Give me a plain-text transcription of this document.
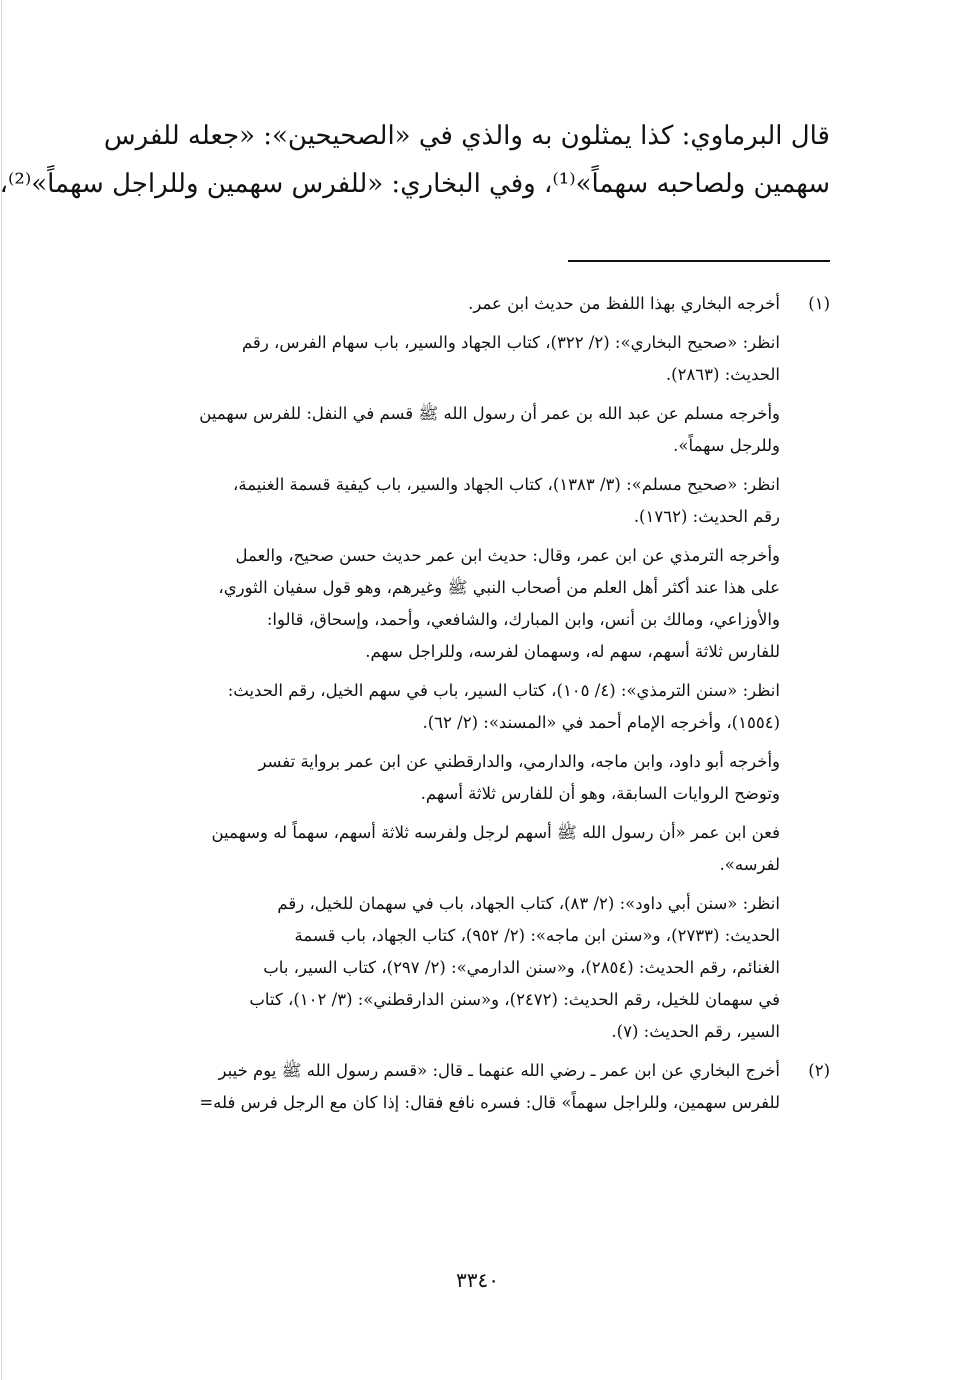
قال البرماوي: كذا يمثلون به والذي في «الصحيحين»: «جعله للفرس
سهمين ولصاحبه سهماً»⁽¹⁾، وفي البخاري: «للفرس سهمين وللراجل سهماً»⁽²⁾،
(١)
أخرجه البخاري بهذا اللفظ من حديث ابن عمر.
انظر: «صحيح البخاري»: (٢/ ٣٢٢)، كتاب الجهاد والسير، باب سهام الفرس، رقم
الحديث: (٢٨٦٣).
وأخرجه مسلم عن عبد الله بن عمر أن رسول الله ﷺ قسم في النفل: للفرس سهمين
وللرجل سهماً».
انظر: «صحيح مسلم»: (٣/ ١٣٨٣)، كتاب الجهاد والسير، باب كيفية قسمة الغنيمة،
رقم الحديث: (١٧٦٢).
وأخرجه الترمذي عن ابن عمر، وقال: حديث ابن عمر حديث حسن صحيح، والعمل
على هذا عند أكثر أهل العلم من أصحاب النبي ﷺ وغيرهم، وهو قول سفيان الثوري،
والأوزاعي، ومالك بن أنس، وابن المبارك، والشافعي، وأحمد، وإسحاق، قالوا:
للفارس ثلاثة أسهم، سهم له، وسهمان لفرسه، وللراجل سهم.
انظر: «سنن الترمذي»: (٤/ ١٠٥)، كتاب السير، باب في سهم الخيل، رقم الحديث:
(١٥٥٤)، وأخرجه الإمام أحمد في «المسند»: (٢/ ٦٢).
وأخرجه أبو داود، وابن ماجه، والدارمي، والدارقطني عن ابن عمر برواية تفسر
وتوضح الروايات السابقة، وهو أن للفارس ثلاثة أسهم.
فعن ابن عمر «أن رسول الله ﷺ أسهم لرجل ولفرسه ثلاثة أسهم، سهماً له وسهمين
لفرسه».
انظر: «سنن أبي داود»: (٢/ ٨٣)، كتاب الجهاد، باب في سهمان للخيل، رقم
الحديث: (٢٧٣٣)، و«سنن ابن ماجه»: (٢/ ٩٥٢)، كتاب الجهاد، باب قسمة
الغنائم، رقم الحديث: (٢٨٥٤)، و«سنن الدارمي»: (٢/ ٢٩٧)، كتاب السير، باب
في سهمان للخيل، رقم الحديث: (٢٤٧٢)، و«سنن الدارقطني»: (٣/ ١٠٢)، كتاب
السير، رقم الحديث: (٧).
(٢)
أخرج البخاري عن ابن عمر ـ رضي الله عنهما ـ قال: «قسم رسول الله ﷺ يوم خيبر
للفرس سهمين، وللراجل سهماً» قال: فسره نافع فقال: إذا كان مع الرجل فرس فله=
٣٣٤٠
